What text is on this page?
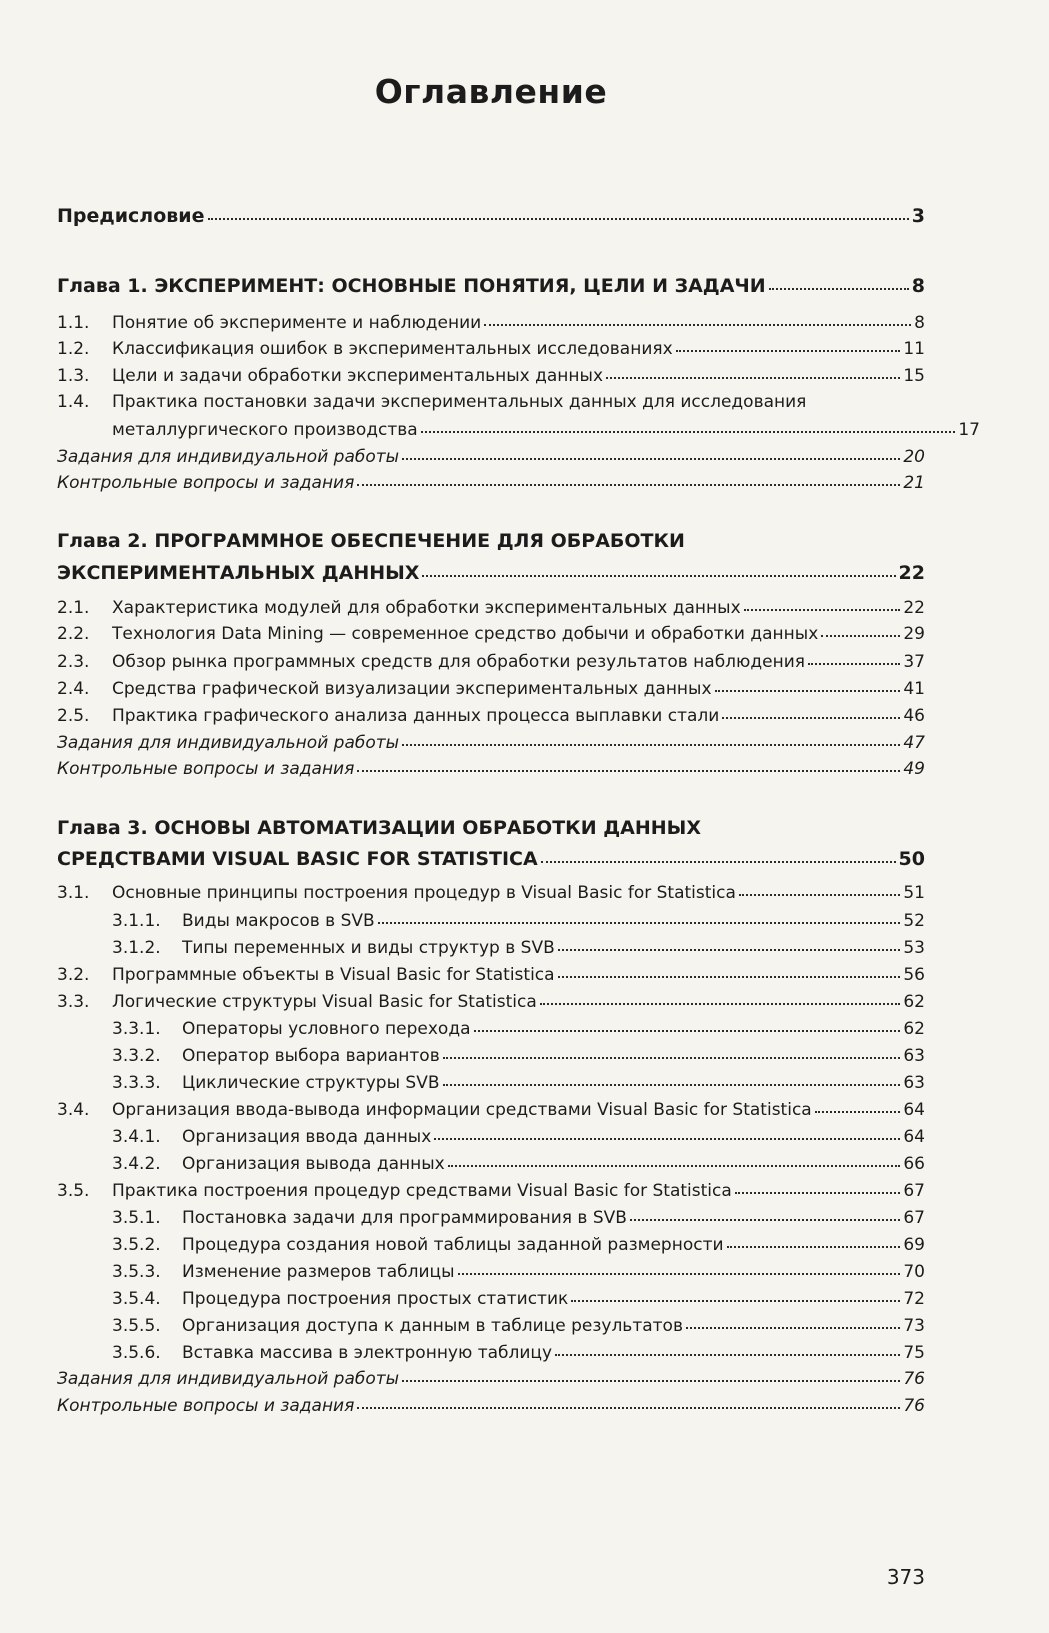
Оглавление
Предисловие	3
Глава 1. ЭКСПЕРИМЕНТ: ОСНОВНЫЕ ПОНЯТИЯ, ЦЕЛИ И ЗАДАЧИ	8
1.1.	Понятие об эксперименте и наблюдении	8
1.2.	Классификация ошибок в экспериментальных исследованиях	11
1.3.	Цели и задачи обработки экспериментальных данных	15
1.4.	Практика постановки задачи экспериментальных данных для исследования
металлургического производства	17
Задания для индивидуальной работы	20
Контрольные вопросы и задания	21
Глава 2. ПРОГРАММНОЕ ОБЕСПЕЧЕНИЕ ДЛЯ ОБРАБОТКИ
ЭКСПЕРИМЕНТАЛЬНЫХ ДАННЫХ	22
2.1.	Характеристика модулей для обработки экспериментальных данных	22
2.2.	Технология Data Mining — современное средство добычи и обработки данных	29
2.3.	Обзор рынка программных средств для обработки результатов наблюдения	37
2.4.	Средства графической визуализации экспериментальных данных	41
2.5.	Практика графического анализа данных процесса выплавки стали	46
Задания для индивидуальной работы	47
Контрольные вопросы и задания	49
Глава 3. ОСНОВЫ АВТОМАТИЗАЦИИ ОБРАБОТКИ ДАННЫХ
СРЕДСТВАМИ VISUAL BASIC FOR STATISTICA	50
3.1.	Основные принципы построения процедур в Visual Basic for Statistica	51
3.1.1.	Виды макросов в SVB	52
3.1.2.	Типы переменных и виды структур в SVB	53
3.2.	Программные объекты в Visual Basic for Statistica	56
3.3.	Логические структуры Visual Basic for Statistica	62
3.3.1.	Операторы условного перехода	62
3.3.2.	Оператор выбора вариантов	63
3.3.3.	Циклические структуры SVB	63
3.4.	Организация ввода-вывода информации средствами Visual Basic for Statistica	64
3.4.1.	Организация ввода данных	64
3.4.2.	Организация вывода данных	66
3.5.	Практика построения процедур средствами Visual Basic for Statistica	67
3.5.1.	Постановка задачи для программирования в SVB	67
3.5.2.	Процедура создания новой таблицы заданной размерности	69
3.5.3.	Изменение размеров таблицы	70
3.5.4.	Процедура построения простых статистик	72
3.5.5.	Организация доступа к данным в таблице результатов	73
3.5.6.	Вставка массива в электронную таблицу	75
Задания для индивидуальной работы	76
Контрольные вопросы и задания	76
373
